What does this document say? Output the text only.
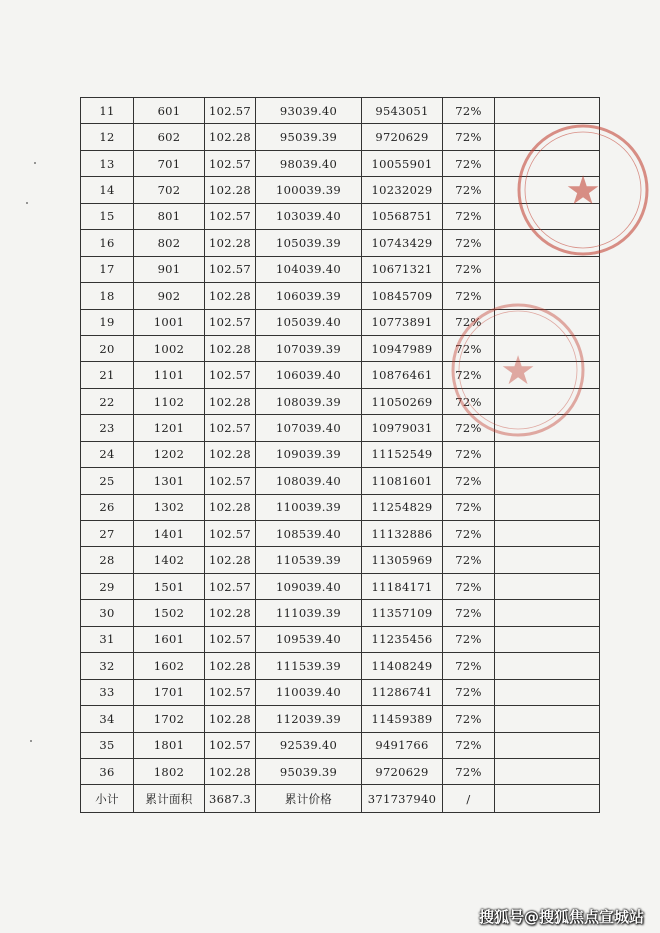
11	601	102.57	93039.40	9543051	72%	
12	602	102.28	95039.39	9720629	72%	
13	701	102.57	98039.40	10055901	72%	
14	702	102.28	100039.39	10232029	72%	
15	801	102.57	103039.40	10568751	72%	
16	802	102.28	105039.39	10743429	72%	
17	901	102.57	104039.40	10671321	72%	
18	902	102.28	106039.39	10845709	72%	
19	1001	102.57	105039.40	10773891	72%	
20	1002	102.28	107039.39	10947989	72%	
21	1101	102.57	106039.40	10876461	72%	
22	1102	102.28	108039.39	11050269	72%	
23	1201	102.57	107039.40	10979031	72%	
24	1202	102.28	109039.39	11152549	72%	
25	1301	102.57	108039.40	11081601	72%	
26	1302	102.28	110039.39	11254829	72%	
27	1401	102.57	108539.40	11132886	72%	
28	1402	102.28	110539.39	11305969	72%	
29	1501	102.57	109039.40	11184171	72%	
30	1502	102.28	111039.39	11357109	72%	
31	1601	102.57	109539.40	11235456	72%	
32	1602	102.28	111539.39	11408249	72%	
33	1701	102.57	110039.40	11286741	72%	
34	1702	102.28	112039.39	11459389	72%	
35	1801	102.57	92539.40	9491766	72%	
36	1802	102.28	95039.39	9720629	72%	
小计	累计面积	3687.3	累计价格	371737940	/	
★
★
搜狐号@搜狐焦点宣城站
